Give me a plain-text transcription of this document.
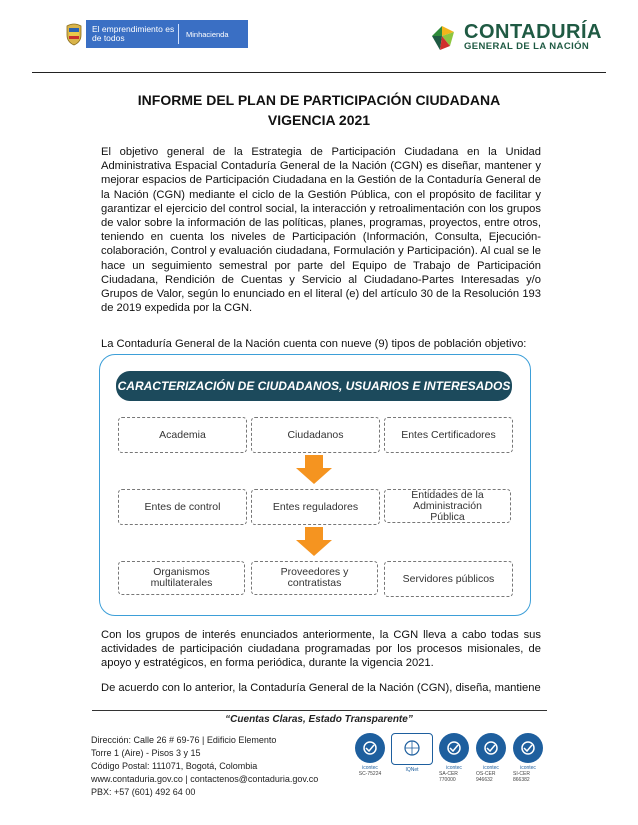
El emprendimiento es de todos	Minhacienda	CONTADURÍA
GENERAL DE LA NACIÓN
INFORME DEL PLAN DE PARTICIPACIÓN CIUDADANA
VIGENCIA 2021
El objetivo general de la Estrategia de Participación Ciudadana en la Unidad Administrativa Espacial Contaduría General de la Nación (CGN) es diseñar, mantener y mejorar espacios de Participación Ciudadana en la Gestión de la Contaduría General de la Nación (CGN) mediante el ciclo de la Gestión Pública, con el propósito de facilitar y garantizar el ejercicio del control social, la interacción y retroalimentación con los grupos de valor sobre la información de las políticas, planes, programas, proyectos, entre otros, teniendo en cuenta los niveles de Participación (Información, Consulta, Ejecución-colaboración, Control y evaluación ciudadana, Formulación y Participación). Al cual se le hace un seguimiento semestral por parte del Equipo de Trabajo de Participación Ciudadana, Rendición de Cuentas y Servicio al Ciudadano-Partes Interesadas y/o Grupos de Valor, según lo enunciado en el literal (e) del artículo 30 de la Resolución 193 de 2019 expedida por la CGN.
La Contaduría General de la Nación cuenta con nueve (9) tipos de población objetivo:
CARACTERIZACIÓN DE CIUDADANOS, USUARIOS E INTERESADOS
Academia	Ciudadanos	Entes Certificadores
Entes de control	Entes reguladores
Entidades de la Administración Pública
Organismos multilaterales
Proveedores y contratistas	Servidores públicos
Con los grupos de interés enunciados anteriormente, la CGN lleva a cabo todas sus actividades de participación ciudadana programadas por los procesos misionales, de apoyo y estratégicos, en forma periódica, durante la vigencia 2021.
De acuerdo con lo anterior, la Contaduría General de la Nación (CGN), diseña, mantiene
“Cuentas Claras, Estado Transparente”
Dirección: Calle 26 # 69-76 | Edificio Elemento
Torre 1 (Aire) - Pisos 3 y 15
Código Postal: 111071, Bogotá, Colombia
www.contaduria.gov.co | contactenos@contaduria.gov.co
PBX: +57 (601) 492 64 00
icontec
SC-75224
IQNet	icontec
SA-CER 770000
icontec
OS-CER 946632
icontec
SI-CER 866382
